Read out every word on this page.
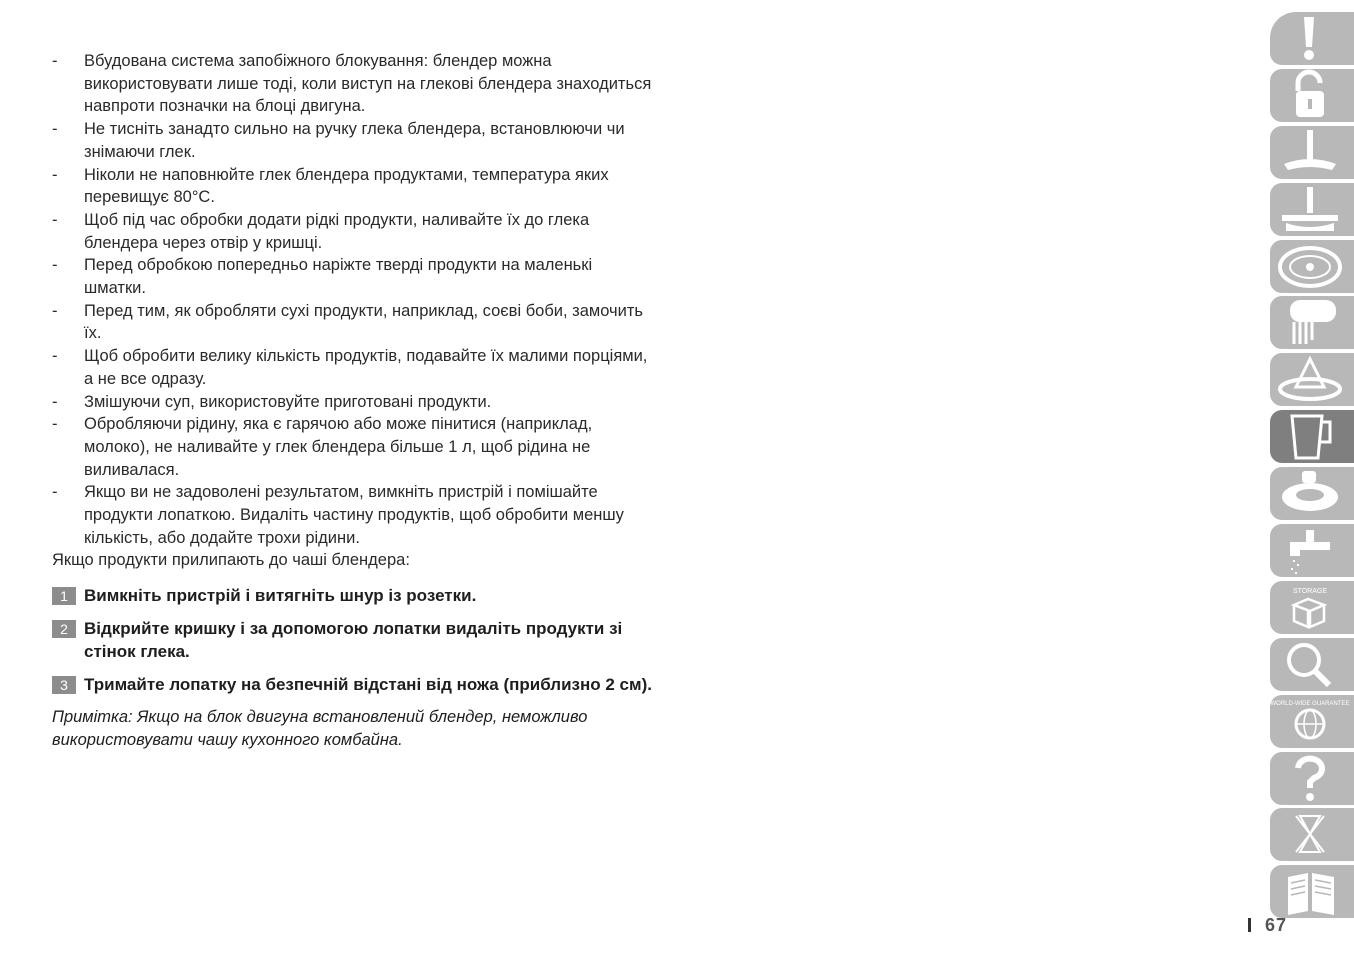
- Вбудована система запобіжного блокування: блендер можна використовувати лише тоді, коли виступ на глекові блендера знаходиться навпроти позначки на блоці двигуна.
- Не тисніть занадто сильно на ручку глека блендера, встановлюючи чи знімаючи глек.
- Ніколи не наповнюйте глек блендера продуктами, температура яких перевищує 80°C.
- Щоб під час обробки додати рідкі продукти, наливайте їх до глека блендера через отвір у кришці.
- Перед обробкою попередньо наріжте тверді продукти на маленькі шматки.
- Перед тим, як обробляти сухі продукти, наприклад, соєві боби, замочить їх.
- Щоб обробити велику кількість продуктів, подавайте їх малими порціями, а не все одразу.
- Змішуючи суп, використовуйте приготовані продукти.
- Обробляючи рідину, яка є гарячою або може пінитися (наприклад, молоко), не наливайте у глек блендера більше 1 л, щоб рідина не виливалася.
- Якщо ви не задоволені результатом, вимкніть пристрій і помішайте продукти лопаткою. Видаліть частину продуктів, щоб обробити меншу кількість, або додайте трохи рідини.

Якщо продукти прилипають до чаші блендера:

1 Вимкніть пристрій і витягніть шнур із розетки.
2 Відкрийте кришку і за допомогою лопатки видаліть продукти зі стінок глека.
3 Тримайте лопатку на безпечній відстані від ножа (приблизно 2 см).

Примітка: Якщо на блок двигуна встановлений блендер, неможливо використовувати чашу кухонного комбайна.

STORAGE
WORLD-WIDE GUARANTEE
67
